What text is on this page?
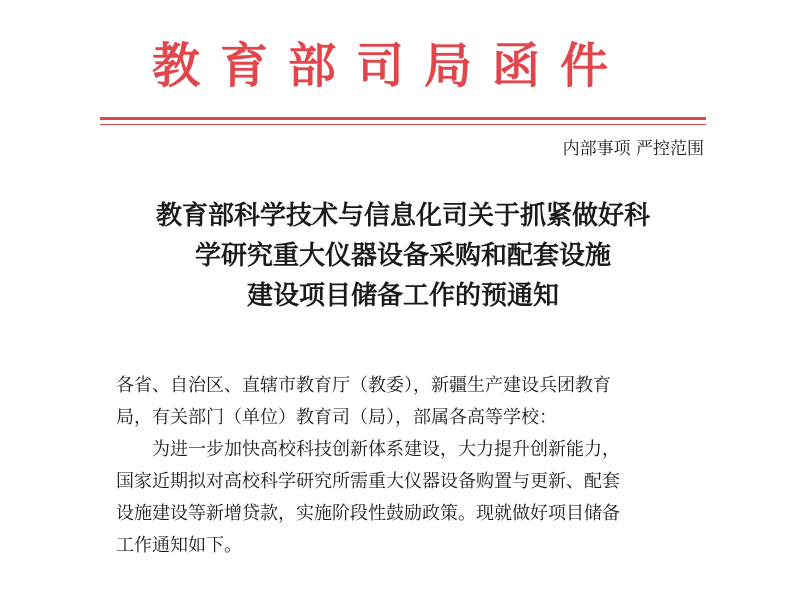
教育部司局函件
内部事项 严控范围
教育部科学技术与信息化司关于抓紧做好科
学研究重大仪器设备采购和配套设施
建设项目储备工作的预通知
各省、自治区、直辖市教育厅（教委），新疆生产建设兵团教育
局，有关部门（单位）教育司（局），部属各高等学校：
为进一步加快高校科技创新体系建设，大力提升创新能力，
国家近期拟对高校科学研究所需重大仪器设备购置与更新、配套
设施建设等新增贷款，实施阶段性鼓励政策。现就做好项目储备
工作通知如下。
